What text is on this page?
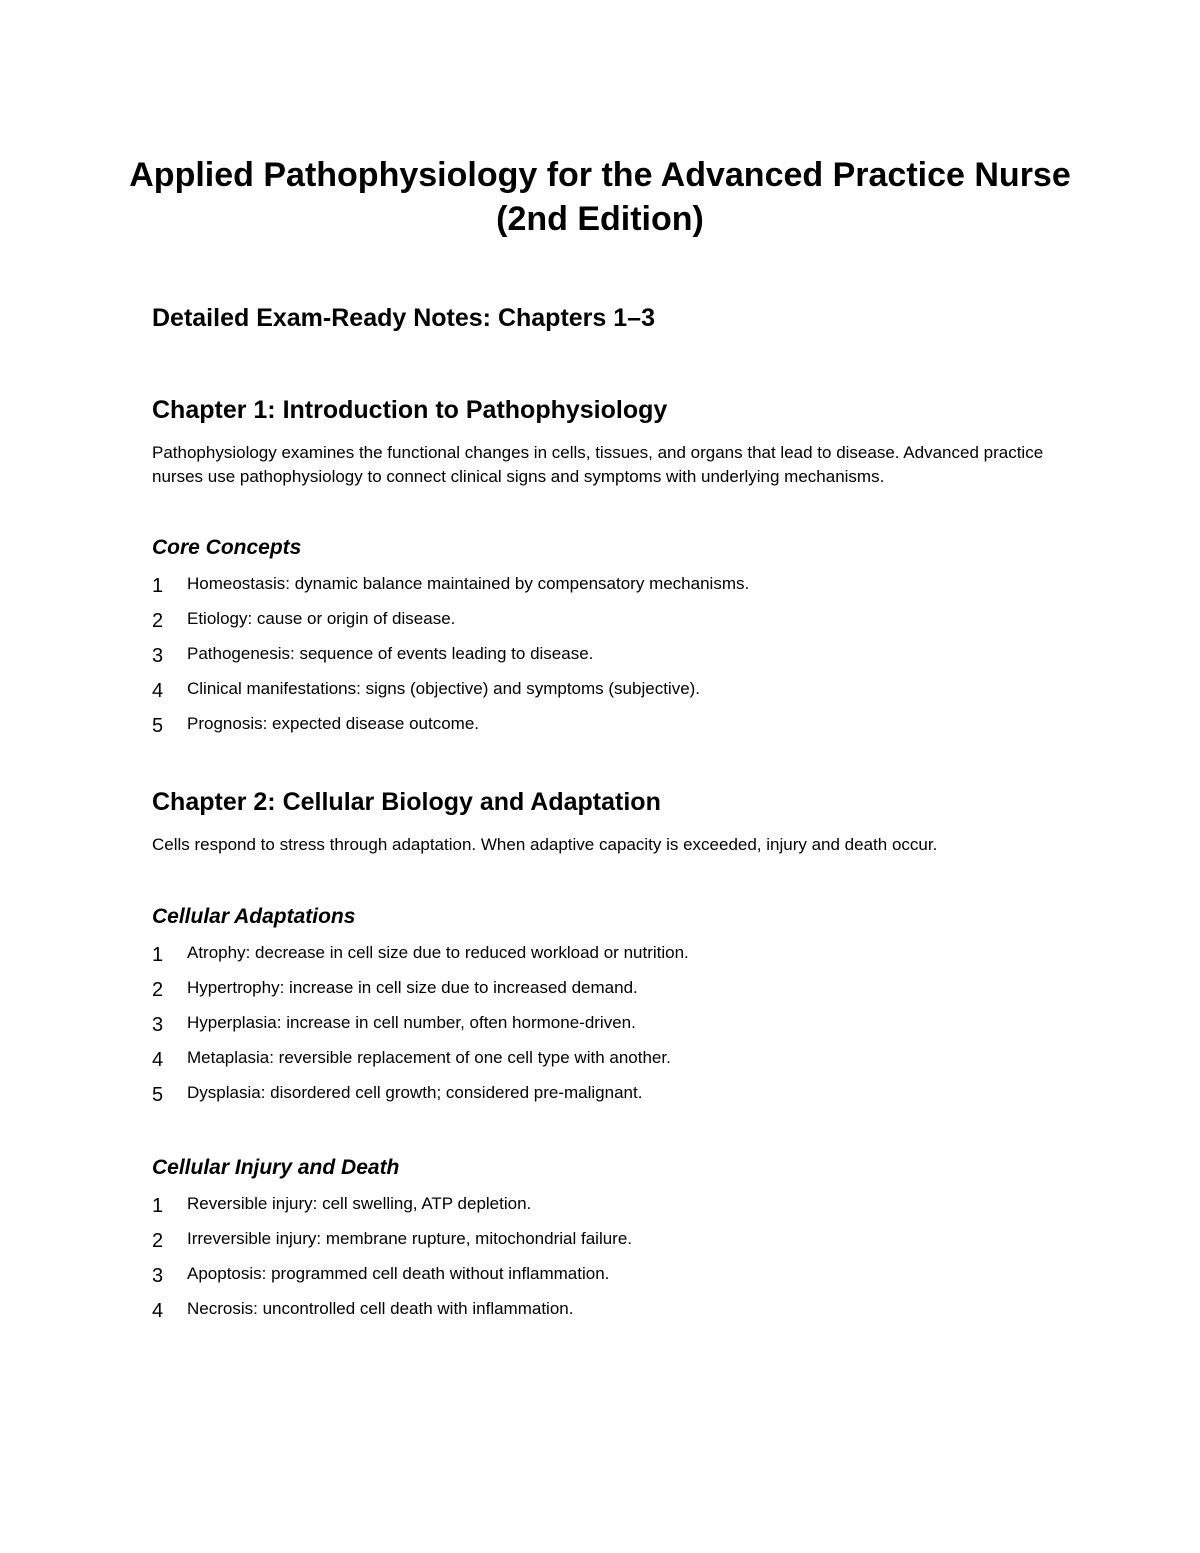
Applied Pathophysiology for the Advanced Practice Nurse (2nd Edition)
Detailed Exam-Ready Notes: Chapters 1–3
Chapter 1: Introduction to Pathophysiology

Pathophysiology examines the functional changes in cells, tissues, and organs that lead to disease. Advanced practice nurses use pathophysiology to connect clinical signs and symptoms with underlying mechanisms.

Core Concepts
1 Homeostasis: dynamic balance maintained by compensatory mechanisms.
2 Etiology: cause or origin of disease.
3 Pathogenesis: sequence of events leading to disease.
4 Clinical manifestations: signs (objective) and symptoms (subjective).
5 Prognosis: expected disease outcome.
Chapter 2: Cellular Biology and Adaptation

Cells respond to stress through adaptation. When adaptive capacity is exceeded, injury and death occur.

Cellular Adaptations
1 Atrophy: decrease in cell size due to reduced workload or nutrition.
2 Hypertrophy: increase in cell size due to increased demand.
3 Hyperplasia: increase in cell number, often hormone-driven.
4 Metaplasia: reversible replacement of one cell type with another.
5 Dysplasia: disordered cell growth; considered pre-malignant.
Cellular Injury and Death
1 Reversible injury: cell swelling, ATP depletion.
2 Irreversible injury: membrane rupture, mitochondrial failure.
3 Apoptosis: programmed cell death without inflammation.
4 Necrosis: uncontrolled cell death with inflammation.
